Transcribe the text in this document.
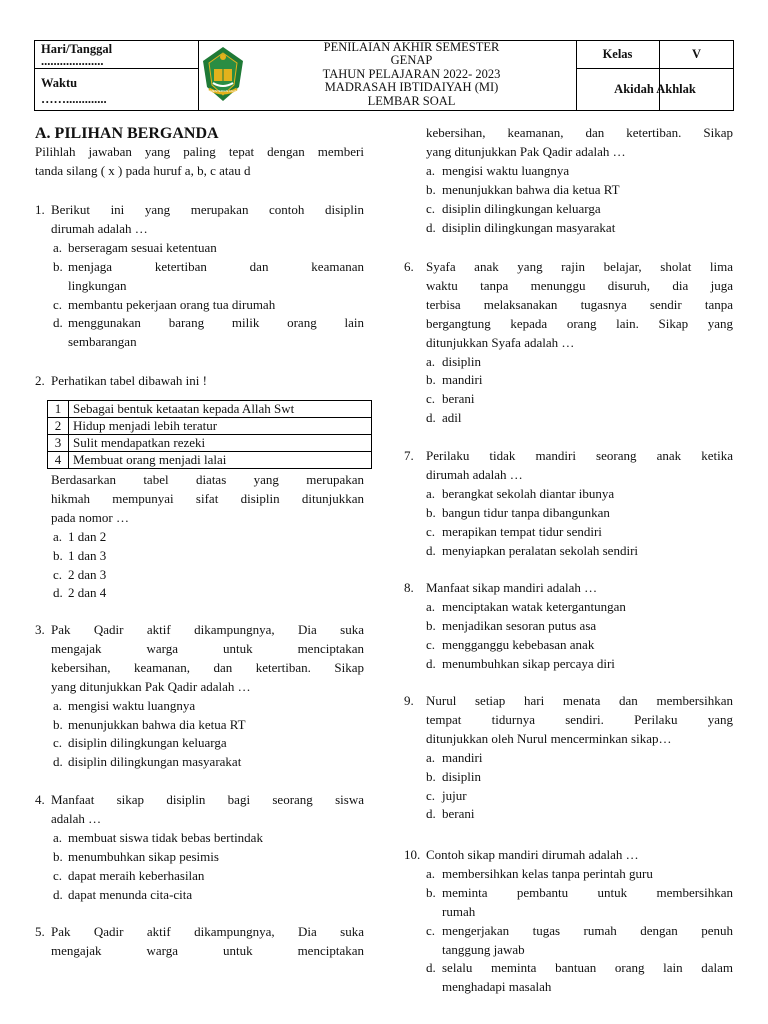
Hari/Tanggal
....................
Waktu
…….............
KEMENTERIAN AGAMA
PENILAIAN AKHIR SEMESTER
GENAP
TAHUN PELAJARAN 2022- 2023
MADRASAH IBTIDAIYAH (MI)
LEMBAR SOAL
Kelas	V
Akidah Akhlak
A. PILIHAN BERGANDA
Pilihlah jawaban yang paling tepat dengan memberi
tanda silang ( x ) pada huruf a, b, c atau d
1	Sebagai bentuk ketaatan kepada Allah Swt
2	Hidup menjadi lebih teratur
3	Sulit mendapatkan rezeki
4	Membuat orang menjadi lalai
1. Berikut ini yang merupakan contoh disiplin
dirumah adalah …
a. berseragam sesuai ketentuan
b. menjaga ketertiban dan keamanan
lingkungan
c. membantu pekerjaan orang tua dirumah
d. menggunakan barang milik orang lain
sembarangan
2. Perhatikan tabel dibawah ini !
Berdasarkan tabel diatas yang merupakan
hikmah mempunyai sifat disiplin ditunjukkan
pada nomor …
a. 1 dan 2
b. 1 dan 3
c. 2 dan 3
d. 2 dan 4
3. Pak Qadir aktif dikampungnya, Dia suka
mengajak warga untuk menciptakan
kebersihan, keamanan, dan ketertiban. Sikap
yang ditunjukkan Pak Qadir adalah …
a. mengisi waktu luangnya
b. menunjukkan bahwa dia ketua RT
c. disiplin dilingkungan keluarga
d. disiplin dilingkungan masyarakat
4. Manfaat sikap disiplin bagi seorang siswa
adalah …
a. membuat siswa tidak bebas bertindak
b. menumbuhkan sikap pesimis
c. dapat meraih keberhasilan
d. dapat menunda cita-cita
5. Pak Qadir aktif dikampungnya, Dia suka
mengajak warga untuk menciptakan
kebersihan, keamanan, dan ketertiban. Sikap
yang ditunjukkan Pak Qadir adalah …
a. mengisi waktu luangnya
b. menunjukkan bahwa dia ketua RT
c. disiplin dilingkungan keluarga
d. disiplin dilingkungan masyarakat
6. Syafa anak yang rajin belajar, sholat lima
waktu tanpa menunggu disuruh, dia juga
terbisa melaksanakan tugasnya sendir tanpa
bergangtung kepada orang lain. Sikap yang
ditunjukkan Syafa adalah …
a. disiplin
b. mandiri
c. berani
d. adil
7. Perilaku tidak mandiri seorang anak ketika
dirumah adalah …
a. berangkat sekolah diantar ibunya
b. bangun tidur tanpa dibangunkan
c. merapikan tempat tidur sendiri
d. menyiapkan peralatan sekolah sendiri
8. Manfaat sikap mandiri adalah …
a. menciptakan watak ketergantungan
b. menjadikan sesoran putus asa
c. mengganggu kebebasan anak
d. menumbuhkan sikap percaya diri
9. Nurul setiap hari menata dan membersihkan
tempat tidurnya sendiri. Perilaku yang
ditunjukkan oleh Nurul mencerminkan sikap…
a. mandiri
b. disiplin
c. jujur
d. berani
10. Contoh sikap mandiri dirumah adalah …
a. membersihkan kelas tanpa perintah guru
b. meminta pembantu untuk membersihkan
rumah
c. mengerjakan tugas rumah dengan penuh
tanggung jawab
d. selalu meminta bantuan orang lain dalam
menghadapi masalah
